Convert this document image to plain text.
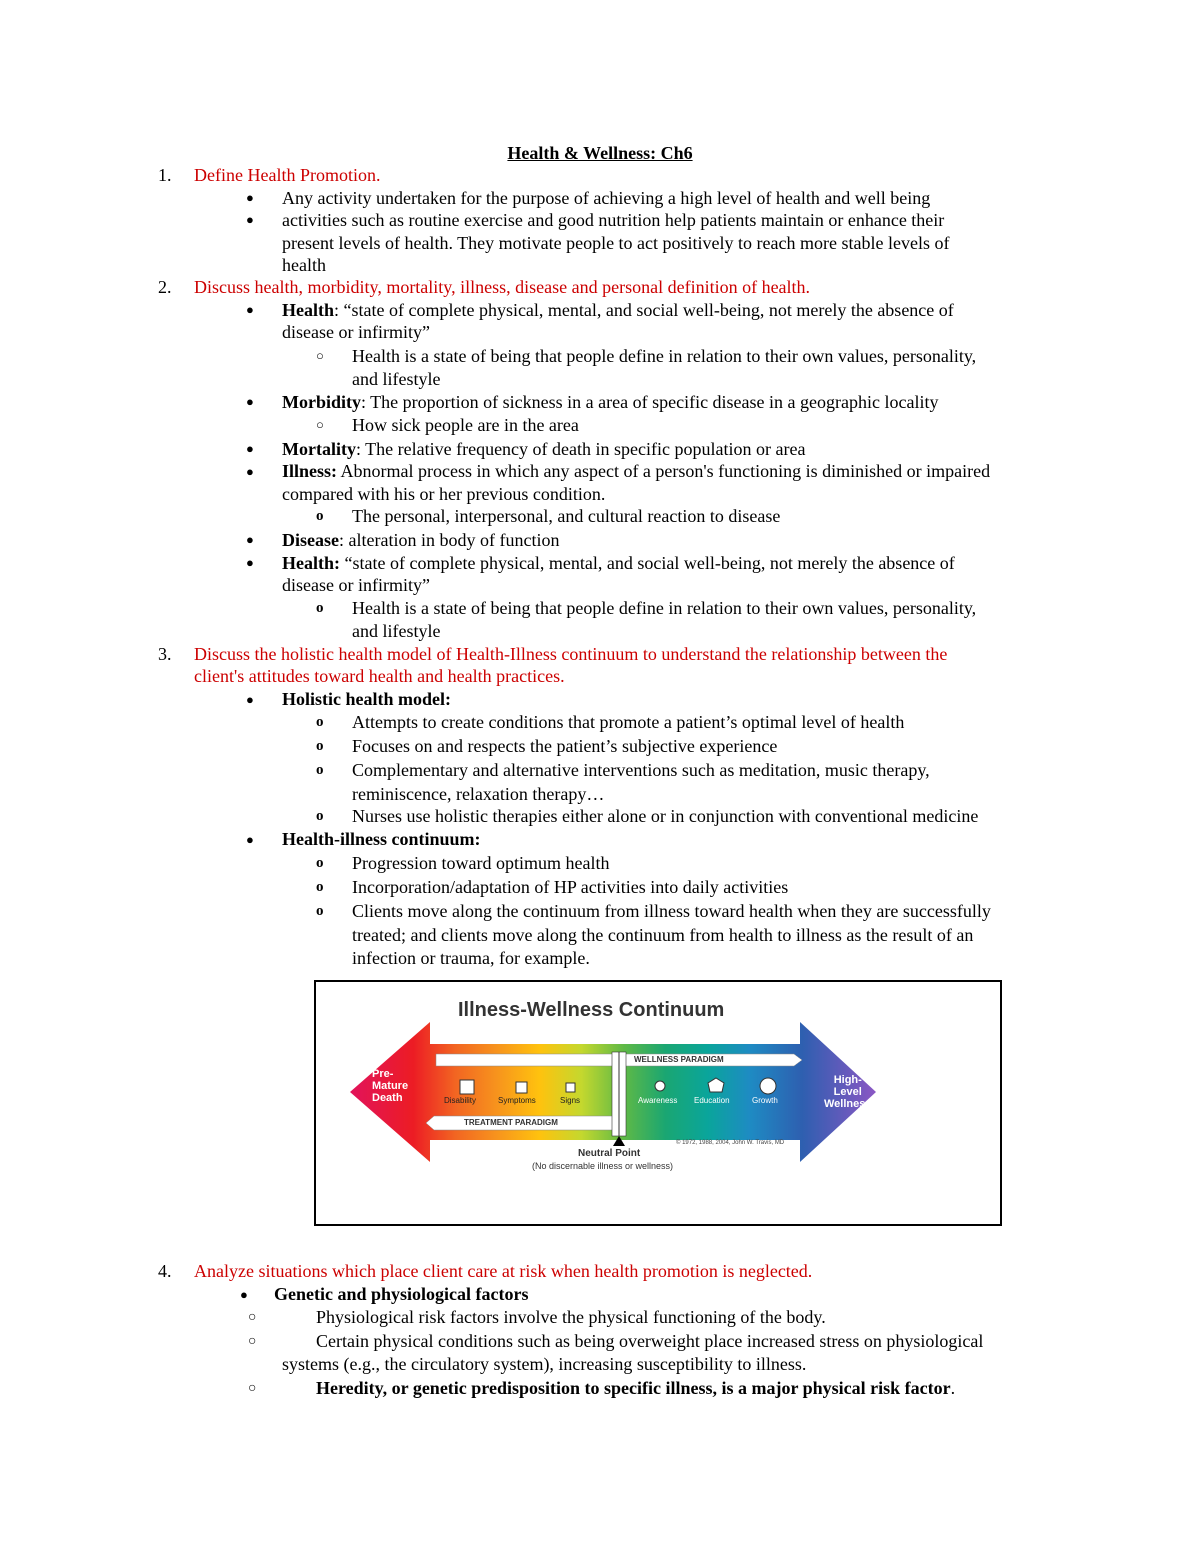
Health & Wellness: Ch6
1. Define Health Promotion.
● Any activity undertaken for the purpose of achieving a high level of health and well being
● activities such as routine exercise and good nutrition help patients maintain or enhance their
present levels of health. They motivate people to act positively to reach more stable levels of
health
2. Discuss health, morbidity, mortality, illness, disease and personal definition of health.
● Health: “state of complete physical, mental, and social well-being, not merely the absence of
disease or infirmity”
○ Health is a state of being that people define in relation to their own values, personality,
and lifestyle
● Morbidity: The proportion of sickness in a area of specific disease in a geographic locality
○ How sick people are in the area
● Mortality: The relative frequency of death in specific population or area
● Illness: Abnormal process in which any aspect of a person's functioning is diminished or impaired
compared with his or her previous condition.
o The personal, interpersonal, and cultural reaction to disease
● Disease: alteration in body of function
● Health: “state of complete physical, mental, and social well-being, not merely the absence of
disease or infirmity”
o Health is a state of being that people define in relation to their own values, personality,
and lifestyle
3. Discuss the holistic health model of Health-Illness continuum to understand the relationship between the
client's attitudes toward health and health practices.
● Holistic health model:
o Attempts to create conditions that promote a patient’s optimal level of health
o Focuses on and respects the patient’s subjective experience
o Complementary and alternative interventions such as meditation, music therapy,
reminiscence, relaxation therapy…
o Nurses use holistic therapies either alone or in conjunction with conventional medicine
● Health-illness continuum:
o Progression toward optimum health
o Incorporation/adaptation of HP activities into daily activities
o Clients move along the continuum from illness toward health when they are successfully
treated; and clients move along the continuum from health to illness as the result of an
infection or trauma, for example.
Illness-Wellness Continuum
Pre-
Mature
Death
High-
Level
Wellness
WELLNESS PARADIGM
TREATMENT PARADIGM
Disability	Symptoms	Signs	Awareness Education	Growth
© 1972, 1988, 2004, John W. Travis, MD
Neutral Point
(No discernable illness or wellness)
4. Analyze situations which place client care at risk when health promotion is neglected.
● Genetic and physiological factors
○	Physiological risk factors involve the physical functioning of the body.
○	Certain physical conditions such as being overweight place increased stress on physiological
systems (e.g., the circulatory system), increasing susceptibility to illness.
○	Heredity, or genetic predisposition to specific illness, is a major physical risk factor.
